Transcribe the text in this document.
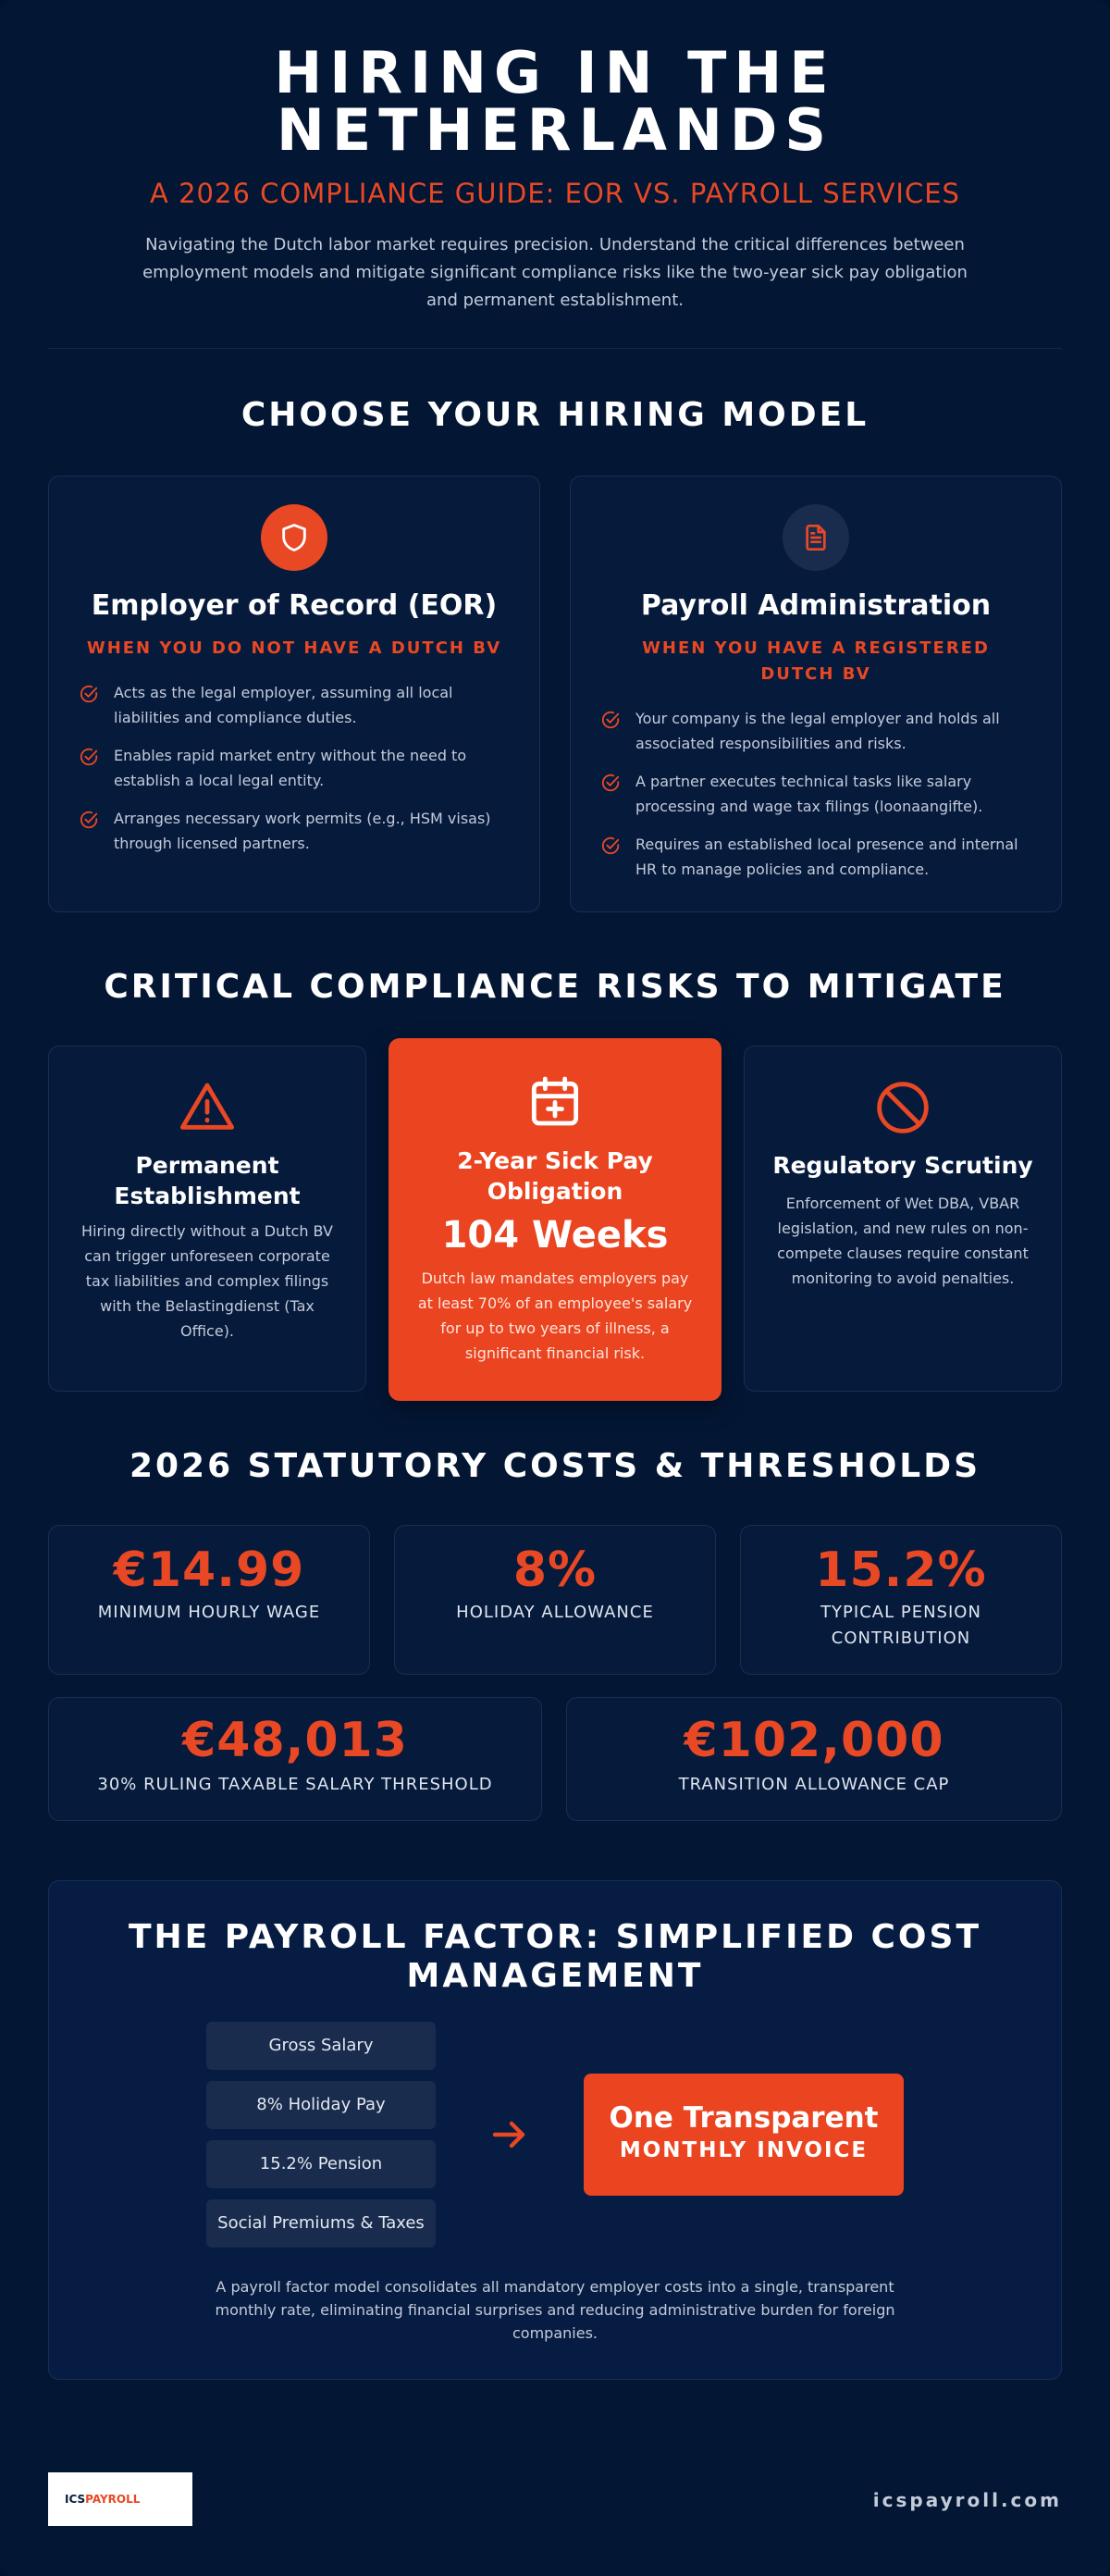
HIRING IN THE NETHERLANDS
A 2026 COMPLIANCE GUIDE: EOR VS. PAYROLL SERVICES

Navigating the Dutch labor market requires precision. Understand the critical differences between employment models and mitigate significant compliance risks like the two-year sick pay obligation and permanent establishment.

CHOOSE YOUR HIRING MODEL
Employer of Record (EOR)
WHEN YOU DO NOT HAVE A DUTCH BV
Acts as the legal employer, assuming all local liabilities and compliance duties.
Enables rapid market entry without the need to establish a local legal entity.
Arranges necessary work permits (e.g., HSM visas) through licensed partners.
Payroll Administration
WHEN YOU HAVE A REGISTERED DUTCH BV
Your company is the legal employer and holds all associated responsibilities and risks.
A partner executes technical tasks like salary processing and wage tax filings (loonaangifte).
Requires an established local presence and internal HR to manage policies and compliance.
CRITICAL COMPLIANCE RISKS TO MITIGATE
Permanent Establishment
Hiring directly without a Dutch BV can trigger unforeseen corporate tax liabilities and complex filings with the Belastingdienst (Tax Office).
2-Year Sick Pay Obligation
104 Weeks
Dutch law mandates employers pay at least 70% of an employee's salary for up to two years of illness, a significant financial risk.
Regulatory Scrutiny
Enforcement of Wet DBA, VBAR legislation, and new rules on non-compete clauses require constant monitoring to avoid penalties.
2026 STATUTORY COSTS & THRESHOLDS
€14.99
MINIMUM HOURLY WAGE
8%
HOLIDAY ALLOWANCE
15.2%
TYPICAL PENSION CONTRIBUTION
€48,013
30% RULING TAXABLE SALARY THRESHOLD
€102,000
TRANSITION ALLOWANCE CAP
THE PAYROLL FACTOR: SIMPLIFIED COST MANAGEMENT
Gross Salary
8% Holiday Pay
15.2% Pension
Social Premiums & Taxes
One Transparent
MONTHLY INVOICE

A payroll factor model consolidates all mandatory employer costs into a single, transparent monthly rate, eliminating financial surprises and reducing administrative burden for foreign companies.

ICS PAYROLL	icspayroll.com
